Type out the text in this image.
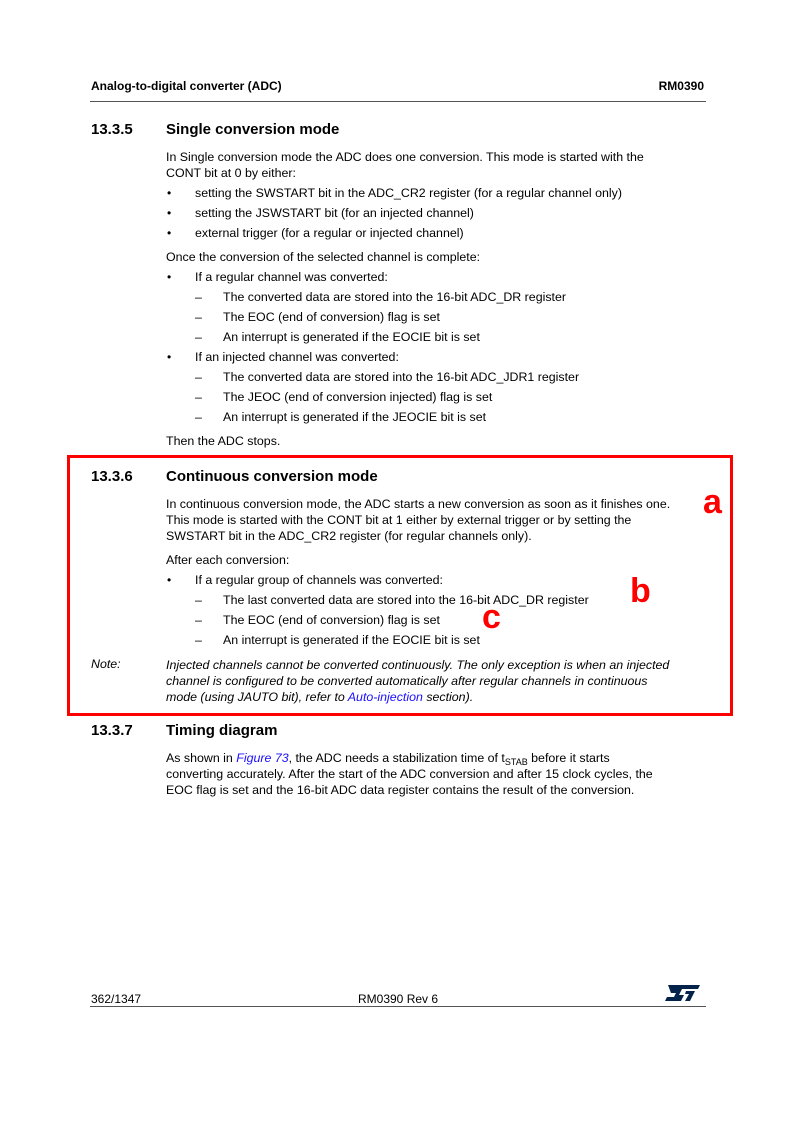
Analog-to-digital converter (ADC)	RM0390
13.3.5 Single conversion mode
In Single conversion mode the ADC does one conversion. This mode is started with the
CONT bit at 0 by either:
• setting the SWSTART bit in the ADC_CR2 register (for a regular channel only)
• setting the JSWSTART bit (for an injected channel)
• external trigger (for a regular or injected channel)
Once the conversion of the selected channel is complete:
• If a regular channel was converted:
– The converted data are stored into the 16-bit ADC_DR register
– The EOC (end of conversion) flag is set
– An interrupt is generated if the EOCIE bit is set
• If an injected channel was converted:
– The converted data are stored into the 16-bit ADC_JDR1 register
– The JEOC (end of conversion injected) flag is set
– An interrupt is generated if the JEOCIE bit is set
Then the ADC stops.
13.3.6 Continuous conversion mode
In continuous conversion mode, the ADC starts a new conversion as soon as it finishes one.
This mode is started with the CONT bit at 1 either by external trigger or by setting the
SWSTART bit in the ADC_CR2 register (for regular channels only).
After each conversion:
• If a regular group of channels was converted:
– The last converted data are stored into the 16-bit ADC_DR register
– The EOC (end of conversion) flag is set
– An interrupt is generated if the EOCIE bit is set
Note:	Injected channels cannot be converted continuously. The only exception is when an injected
channel is configured to be converted automatically after regular channels in continuous
mode (using JAUTO bit), refer to Auto-injection section).
a
b
c
13.3.7 Timing diagram
As shown in Figure 73, the ADC needs a stabilization time of $t_{STAB}$ before it starts
converting accurately. After the start of the ADC conversion and after 15 clock cycles, the
EOC flag is set and the 16-bit ADC data register contains the result of the conversion.
362/1347	RM0390 Rev 6
